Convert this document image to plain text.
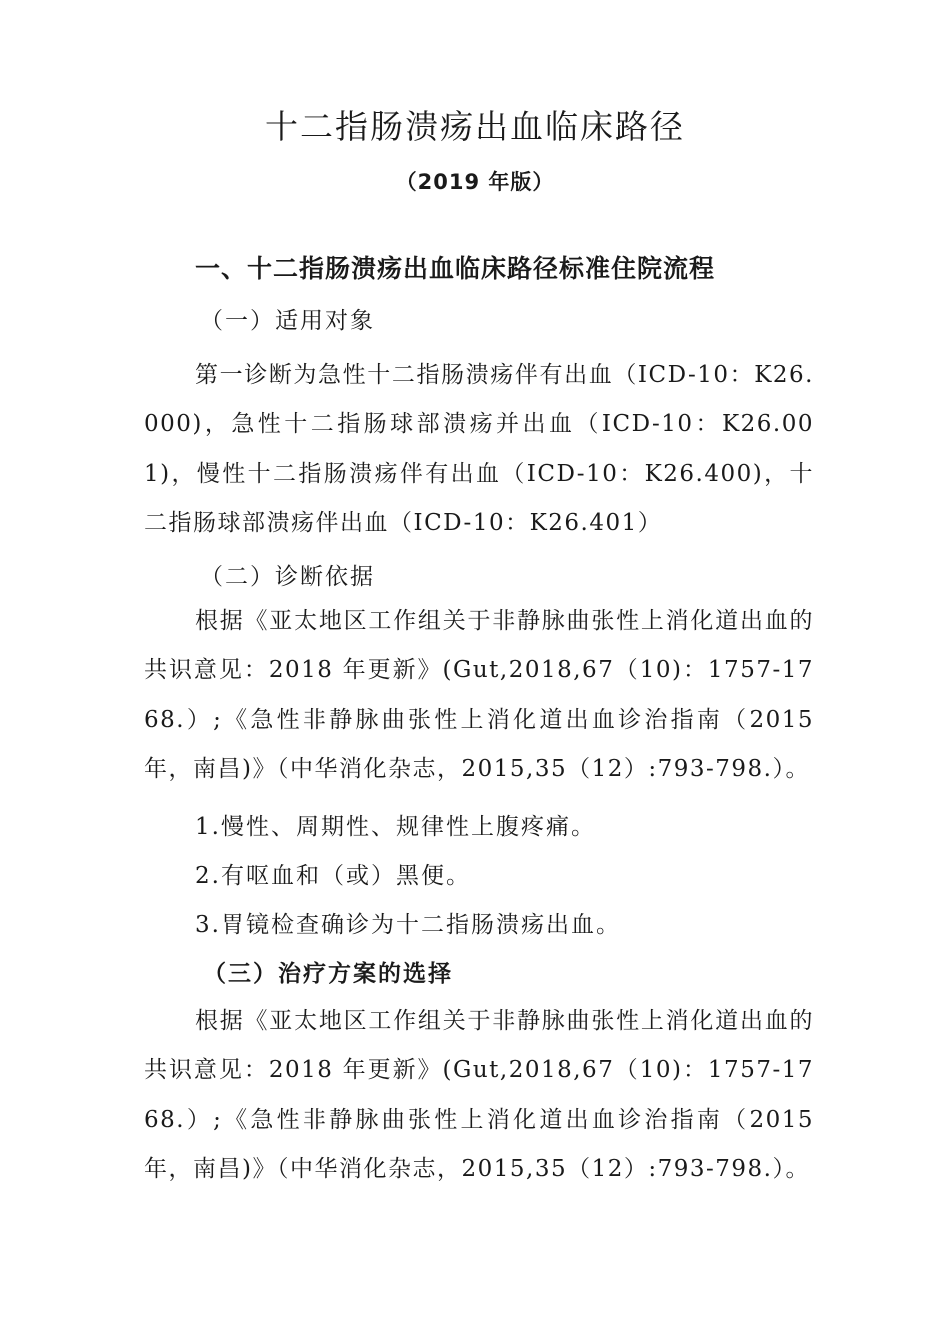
十二指肠溃疡出血临床路径
（2019 年版）
一、十二指肠溃疡出血临床路径标准住院流程
（一）适用对象
第一诊断为急性十二指肠溃疡伴有出血（ICD-10：K26.000)，急性十二指肠球部溃疡并出血（ICD-10：K26.001)，慢性十二指肠溃疡伴有出血（ICD-10：K26.400)，十二指肠球部溃疡伴出血（ICD-10：K26.401）
（二）诊断依据
根据《亚太地区工作组关于非静脉曲张性上消化道出血的共识意见：2018 年更新》(Gut,2018,67（10)：1757-1768.）;《急性非静脉曲张性上消化道出血诊治指南（2015 年，南昌)》（中华消化杂志，2015,35（12）:793-798.）。
1.慢性、周期性、规律性上腹疼痛。
2.有呕血和（或）黑便。
3.胃镜检查确诊为十二指肠溃疡出血。
（三）治疗方案的选择
根据《亚太地区工作组关于非静脉曲张性上消化道出血的共识意见：2018 年更新》(Gut,2018,67（10)：1757-1768.）;《急性非静脉曲张性上消化道出血诊治指南（2015 年，南昌)》（中华消化杂志，2015,35（12）:793-798.）。
